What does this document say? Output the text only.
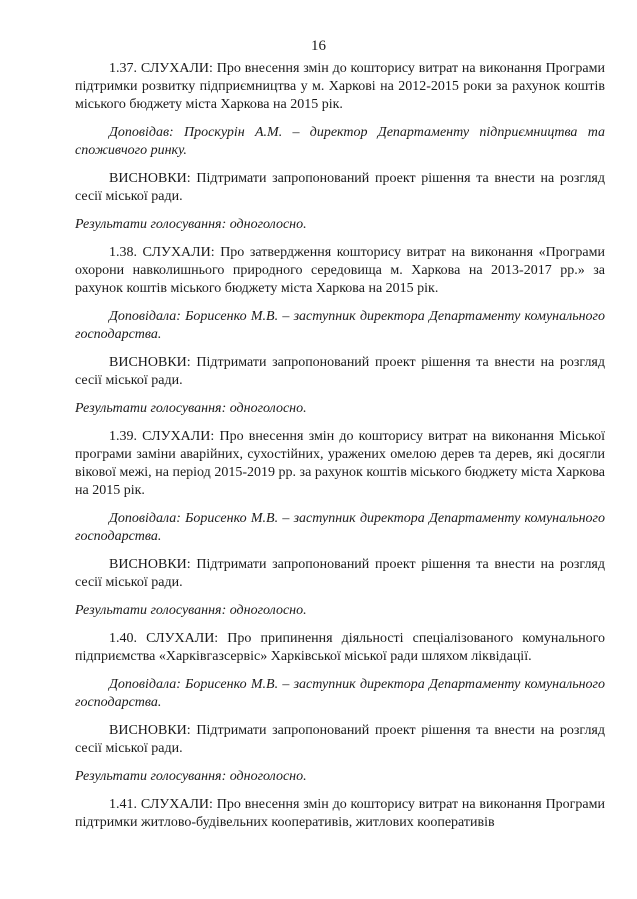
16

1.37. СЛУХАЛИ: Про внесення змін до кошторису витрат на виконання Програми підтримки розвитку підприємництва у м. Харкові на 2012-2015 роки за рахунок коштів міського бюджету міста Харкова на 2015 рік.

Доповідав: Проскурін А.М. – директор Департаменту підприємництва та споживчого ринку.

ВИСНОВКИ: Підтримати запропонований проект рішення та внести на розгляд сесії міської ради.

Результати голосування: одноголосно.

1.38. СЛУХАЛИ: Про затвердження кошторису витрат на виконання «Програми охорони навколишнього природного середовища м. Харкова на 2013-2017 рр.» за рахунок коштів міського бюджету міста Харкова на 2015 рік.

Доповідала: Борисенко М.В. – заступник директора Департаменту комунального господарства.

ВИСНОВКИ: Підтримати запропонований проект рішення та внести на розгляд сесії міської ради.

Результати голосування: одноголосно.

1.39. СЛУХАЛИ: Про внесення змін до кошторису витрат на виконання Міської програми заміни аварійних, сухостійних, уражених омелою дерев та дерев, які досягли вікової межі, на період 2015-2019 рр. за рахунок коштів міського бюджету міста Харкова на 2015 рік.

Доповідала: Борисенко М.В. – заступник директора Департаменту комунального господарства.

ВИСНОВКИ: Підтримати запропонований проект рішення та внести на розгляд сесії міської ради.

Результати голосування: одноголосно.

1.40. СЛУХАЛИ: Про припинення діяльності спеціалізованого комунального підприємства «Харківгазсервіс» Харківської міської ради шляхом ліквідації.

Доповідала: Борисенко М.В. – заступник директора Департаменту комунального господарства.

ВИСНОВКИ: Підтримати запропонований проект рішення та внести на розгляд сесії міської ради.

Результати голосування: одноголосно.

1.41. СЛУХАЛИ: Про внесення змін до кошторису витрат на виконання Програми підтримки житлово-будівельних кооперативів, житлових кооперативів
